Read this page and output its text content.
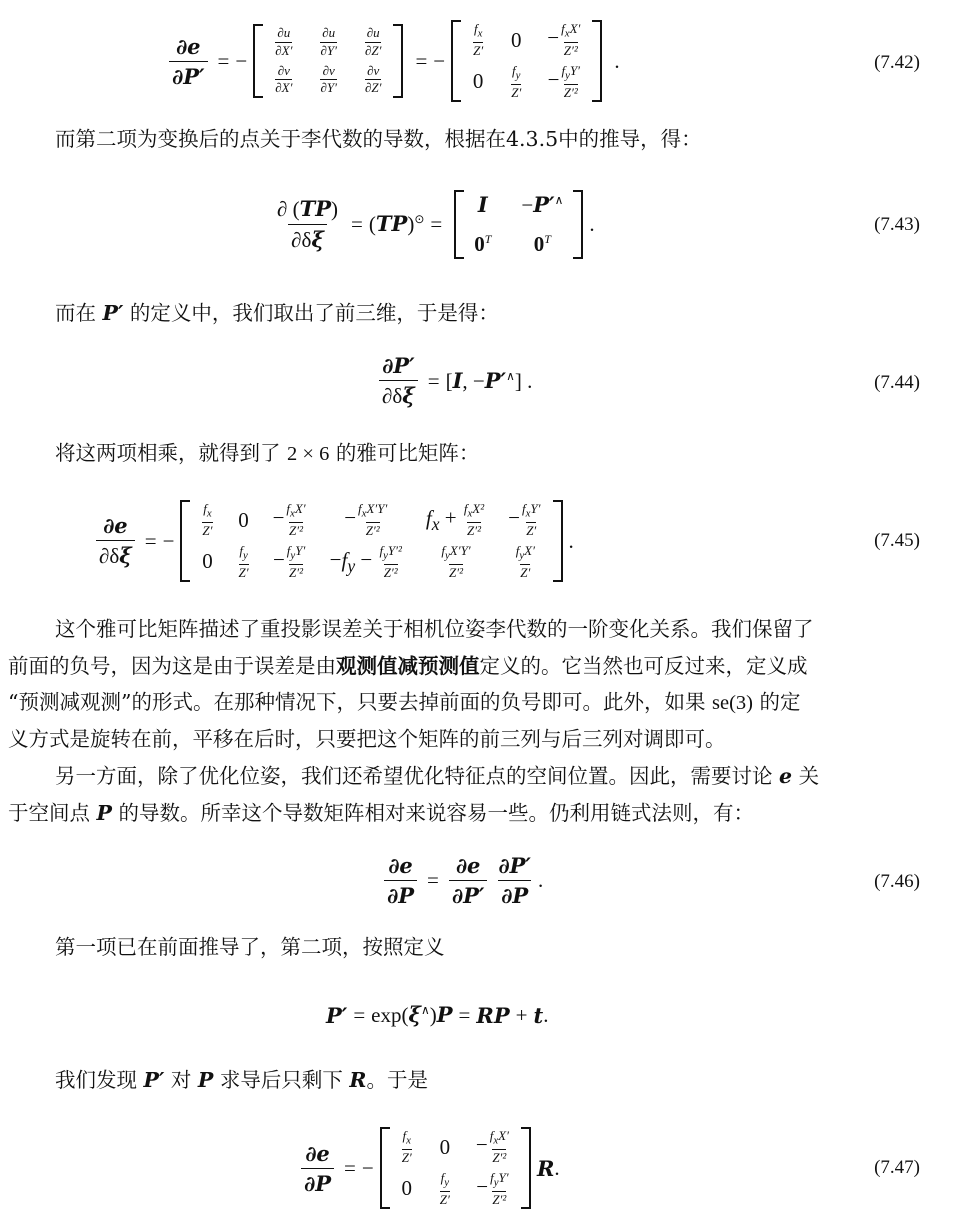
$\frac{\partial e}{\partial P'}$ = −
$\frac{\partial u}{\partial X'} \frac{\partial u}{\partial Y'} \frac{\partial u}{\partial Z'}$
$\frac{\partial v}{\partial X'} \frac{\partial v}{\partial Y'} \frac{\partial v}{\partial Z'}$
= −
$\frac{f_x}{Z'} 0 - \frac{f_xX'}{\text{Z′²}}$
$0 \frac{f_y}{Z'} - \frac{f_yY'}{\text{Z′²}}$
.	(7.42)
而第二项为变换后的点关于李代数的导数，根据在4.3.5中的推导，得：
$\frac{\partial (TP)}{\partial\delta\xi} = (TP)^⊙$ =
I −P′∧
$0^T$ $0^T$
.	(7.43)
而在 P′ 的定义中，我们取出了前三维，于是得：
$\frac{\partial P'}{\partial\delta\xi} = [I$, −P′∧] .	(7.44)
将这两项相乘，就得到了 2 × 6 的雅可比矩阵：
$\frac{\partial e}{\partial\delta\xi}$ = −
$\frac{f_x}{Z'} 0 - \frac{f_xX'}{\text{Z′²}} - \frac{f_xX'Y'}{\text{Z′²}} f_x + \frac{f_xX^2}{\text{Z′²}} - \frac{f_xY'}{Z'}$
$0 \frac{f_y}{Z'} - \frac{f_yY'}{\text{Z′²}} -f_y - \frac{f_yY'^2}{\text{Z′²}}$	$\frac{f_yX'Y'}{\text{Z′²}}$	$\frac{f_yX'}{Z'}$
.	(7.45)
这个雅可比矩阵描述了重投影误差关于相机位姿李代数的一阶变化关系。我们保留了
前面的负号，因为这是由于误差是由观测值减预测值定义的。它当然也可反过来，定义成
“预测减观测”的形式。在那种情况下，只要去掉前面的负号即可。此外，如果 se(3) 的定
义方式是旋转在前，平移在后时，只要把这个矩阵的前三列与后三列对调即可。
另一方面，除了优化位姿，我们还希望优化特征点的空间位置。因此，需要讨论 e 关
于空间点 P 的导数。所幸这个导数矩阵相对来说容易一些。仍利用链式法则，有：
$\frac{\partial e}{\partial P} = \frac{\partial e}{\partial P'} \frac{\partial P'}{\partial P}$ .	(7.46)
第一项已在前面推导了，第二项，按照定义
P′ = exp(ξ∧)P = RP + t .
我们发现 P′ 对 P 求导后只剩下 R。于是
$\frac{\partial e}{\partial P}$ = −
$\frac{f_x}{Z'} 0 - \frac{f_xX'}{\text{Z′²}}$
$0 \frac{f_y}{Z'} - \frac{f_yY'}{\text{Z′²}}$
R .	(7.47)
